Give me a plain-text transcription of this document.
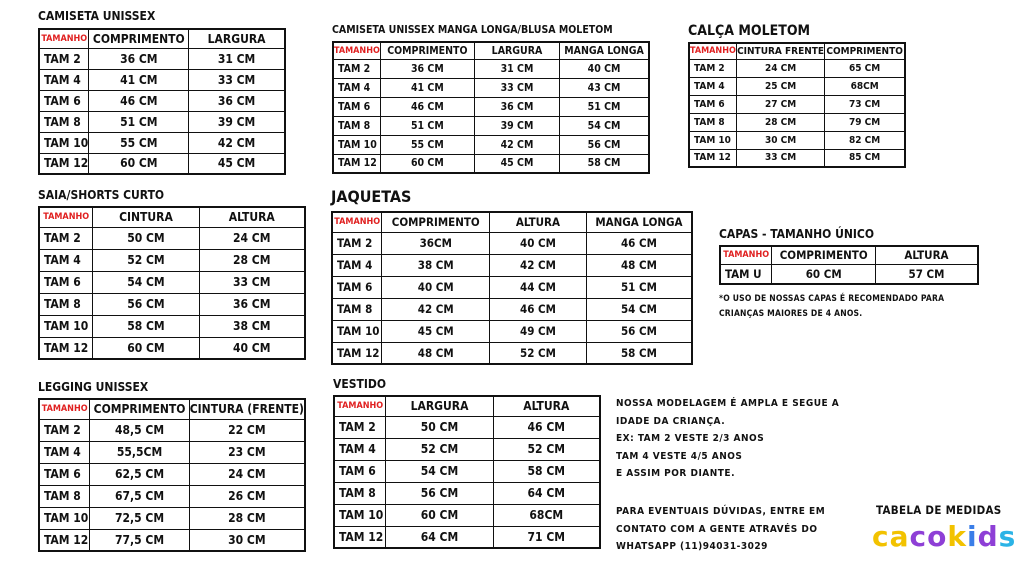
CAMISETA UNISSEX
TAMANHO	COMPRIMENTO	LARGURA
TAM 2	36 CM	31 CM
TAM 4	41 CM	33 CM
TAM 6	46 CM	36 CM
TAM 8	51 CM	39 CM
TAM 10	55 CM	42 CM
TAM 12	60 CM	45 CM
CAMISETA UNISSEX MANGA LONGA/BLUSA MOLETOM
TAMANHO	COMPRIMENTO	LARGURA	MANGA LONGA
TAM 2	36 CM	31 CM	40 CM
TAM 4	41 CM	33 CM	43 CM
TAM 6	46 CM	36 CM	51 CM
TAM 8	51 CM	39 CM	54 CM
TAM 10	55 CM	42 CM	56 CM
TAM 12	60 CM	45 CM	58 CM
CALÇA MOLETOM
TAMANHO	CINTURA FRENTE	COMPRIMENTO
TAM 2	24 CM	65 CM
TAM 4	25 CM	68CM
TAM 6	27 CM	73 CM
TAM 8	28 CM	79 CM
TAM 10	30 CM	82 CM
TAM 12	33 CM	85 CM
SAIA/SHORTS CURTO
TAMANHO	CINTURA	ALTURA
TAM 2	50 CM	24 CM
TAM 4	52 CM	28 CM
TAM 6	54 CM	33 CM
TAM 8	56 CM	36 CM
TAM 10	58 CM	38 CM
TAM 12	60 CM	40 CM
JAQUETAS
TAMANHO	COMPRIMENTO	ALTURA	MANGA LONGA
TAM 2	36CM	40 CM	46 CM
TAM 4	38 CM	42 CM	48 CM
TAM 6	40 CM	44 CM	51 CM
TAM 8	42 CM	46 CM	54 CM
TAM 10	45 CM	49 CM	56 CM
TAM 12	48 CM	52 CM	58 CM
CAPAS - TAMANHO ÚNICO
TAMANHO	COMPRIMENTO	ALTURA
TAM U	60 CM	57 CM
*O USO DE NOSSAS CAPAS É RECOMENDADO PARA
CRIANÇAS MAIORES DE 4 ANOS.
LEGGING UNISSEX
TAMANHO	COMPRIMENTO	CINTURA (FRENTE)
TAM 2	48,5 CM	22 CM
TAM 4	55,5CM	23 CM
TAM 6	62,5 CM	24 CM
TAM 8	67,5 CM	26 CM
TAM 10	72,5 CM	28 CM
TAM 12	77,5 CM	30 CM
VESTIDO
TAMANHO	LARGURA	ALTURA
TAM 2	50 CM	46 CM
TAM 4	52 CM	52 CM
TAM 6	54 CM	58 CM
TAM 8	56 CM	64 CM
TAM 10	60 CM	68CM
TAM 12	64 CM	71 CM
NOSSA MODELAGEM É AMPLA E SEGUE A
IDADE DA CRIANÇA.
EX: TAM 2 VESTE 2/3 ANOS
TAM 4 VESTE 4/5 ANOS
E ASSIM POR DIANTE.
PARA EVENTUAIS DÚVIDAS, ENTRE EM
CONTATO COM A GENTE ATRAVÉS DO
WHATSAPP (11)94031-3029
TABELA DE MEDIDAS
cacokids
